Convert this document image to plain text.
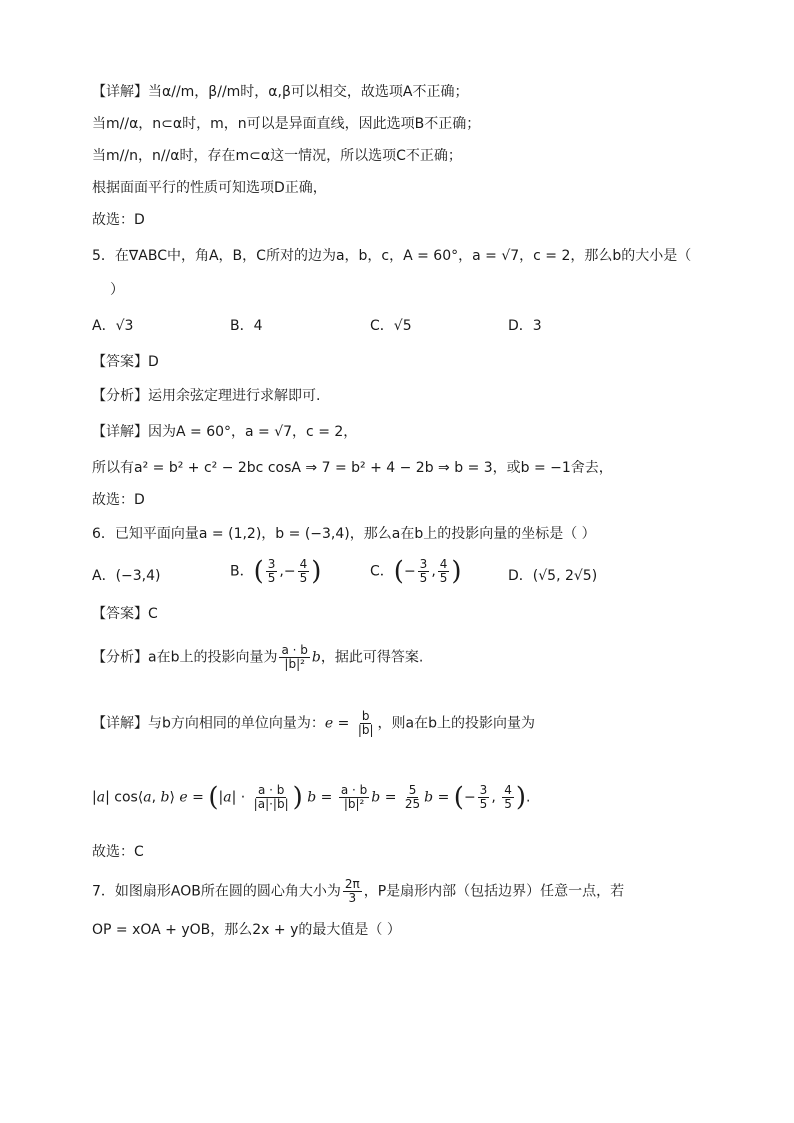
【详解】当α//m，β//m时，α,β可以相交，故选项A不正确；
当m//α，n⊂α时，m，n可以是异面直线，因此选项B不正确；
当m//n，n//α时，存在m⊂α这一情况，所以选项C不正确；
根据面面平行的性质可知选项D正确，
故选：D
5．在∇ABC中，角A，B，C所对的边为a，b，c，A = 60°，a = √7，c = 2，那么b的大小是（
）
A．√3	B．4	C．√5	D．3
【答案】D
【分析】运用余弦定理进行求解即可.
【详解】因为A = 60°，a = √7，c = 2，
所以有a² = b² + c² − 2bc cosA ⇒ 7 = b² + 4 − 2b ⇒ b = 3，或b = −1舍去，
故选：D
6．已知平面向量a = (1,2)，b = (−3,4)，那么a在b上的投影向量的坐标是（ ）
A．(−3,4)	B．( $\frac{3}{5}$ ,− $\frac{4}{5}$ )	C．(− $\frac{3}{5}$ , $\frac{4}{5}$ )	D．(√5, 2√5)
【答案】C
【分析】a在b上的投影向量为 $\frac{a \cdot b}{\text{|b|²}}$ b，据此可得答案.
【详解】与b方向相同的单位向量为：$e = \frac{b}{|b|}$ ，则a在b上的投影向量为
|a| cos⟨a, b⟩ $e = (|a| \cdot \frac{a \cdot b}{|a|\cdot|b|}$ ) $b = \frac{a \cdot b}{\text{|b|²}}$ $b = \frac{5}{25}$ b = (− $\frac{3}{5}$ , $\frac{4}{5}$ ).
故选：C
7．如图扇形AOB所在圆的圆心角大小为 $\frac{2\pi}{3}$ ，P是扇形内部（包括边界）任意一点，若
OP = xOA + yOB，那么2x + y的最大值是（ ）
